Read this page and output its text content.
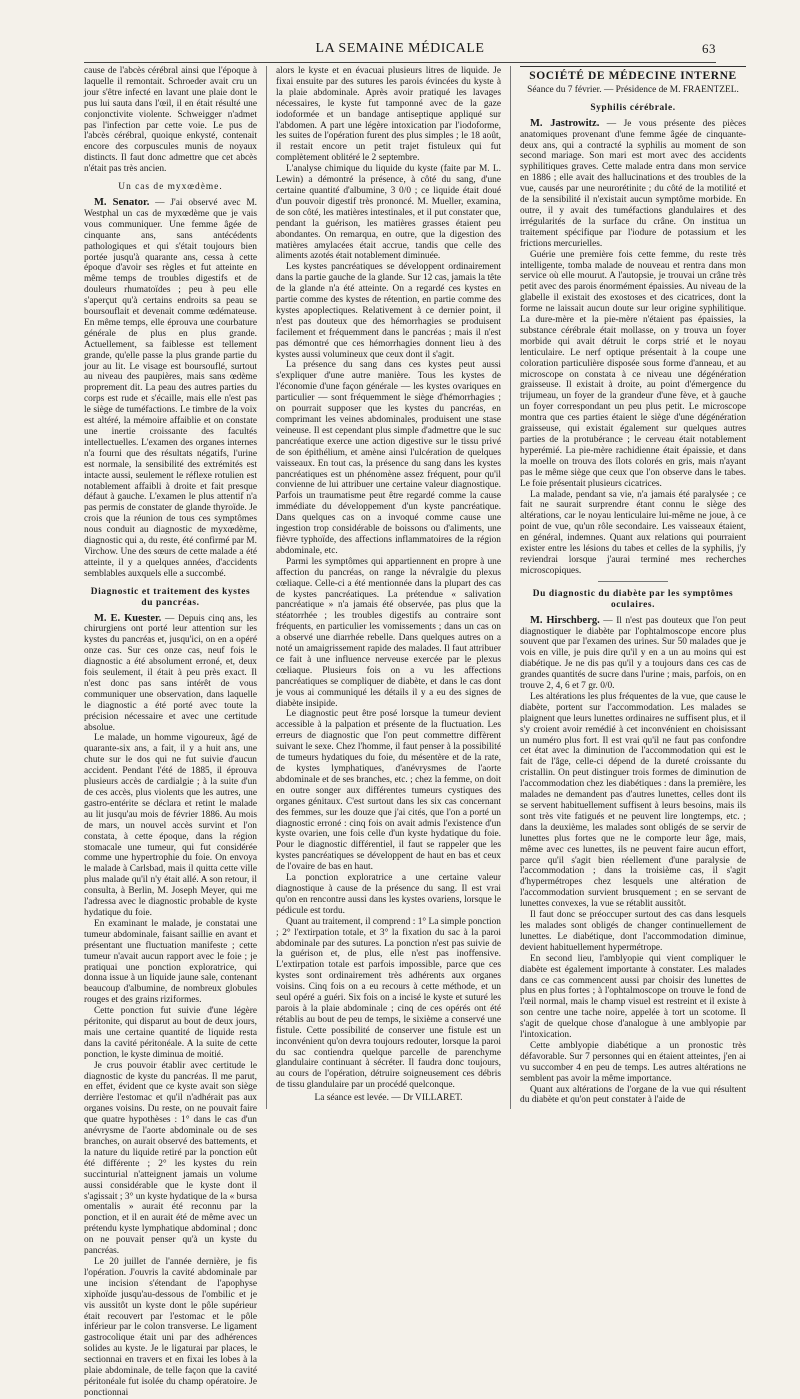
LA SEMAINE MÉDICALE	63

cause de l'abcès cérébral ainsi que l'époque à laquelle il remontait. Schroeder avait cru un jour s'être infecté en lavant une plaie dont le pus lui sauta dans l'œil, il en était résulté une conjonctivite violente. Schweigger n'admet pas l'infection par cette voie. Le pus de l'abcès cérébral, quoique enkysté, contenait encore des corpuscules munis de noyaux distincts. Il faut donc admettre que cet abcès n'était pas très ancien.

Un cas de myxœdème.

M. Senator. — J'ai observé avec M. Westphal un cas de myxœdème que je vais vous communiquer. Une femme âgée de cinquante ans, sans antécédents pathologiques et qui s'était toujours bien portée jusqu'à quarante ans, cessa à cette époque d'avoir ses règles et fut atteinte en même temps de troubles digestifs et de douleurs rhumatoïdes ; peu à peu elle s'aperçut qu'à certains endroits sa peau se boursouflait et devenait comme œdémateuse. En même temps, elle éprouva une courbature générale de plus en plus grande. Actuellement, sa faiblesse est tellement grande, qu'elle passe la plus grande partie du jour au lit. Le visage est boursouflé, surtout au niveau des paupières, mais sans œdème proprement dit. La peau des autres parties du corps est rude et s'écaille, mais elle n'est pas le siège de tuméfactions. Le timbre de la voix est altéré, la mémoire affaiblie et on constate une inertie croissante des facultés intellectuelles. L'examen des organes internes n'a fourni que des résultats négatifs, l'urine est normale, la sensibilité des extrémités est intacte aussi, seulement le réflexe rotulien est notablement affaibli à droite et fait presque défaut à gauche. L'examen le plus attentif n'a pas permis de constater de glande thyroïde. Je crois que la réunion de tous ces symptômes nous conduit au diagnostic de myxœdème, diagnostic qui a, du reste, été confirmé par M. Virchow. Une des sœurs de cette malade a été atteinte, il y a quelques années, d'accidents semblables auxquels elle a succombé.

Diagnostic et traitement des kystes du pancréas.

M. E. Kuester. — Depuis cinq ans, les chirurgiens ont porté leur attention sur les kystes du pancréas et, jusqu'ici, on en a opéré onze cas. Sur ces onze cas, neuf fois le diagnostic a été absolument erroné, et, deux fois seulement, il était à peu près exact. Il n'est donc pas sans intérêt de vous communiquer une observation, dans laquelle le diagnostic a été porté avec toute la précision nécessaire et avec une certitude absolue.

Le malade, un homme vigoureux, âgé de quarante-six ans, a fait, il y a huit ans, une chute sur le dos qui ne fut suivie d'aucun accident. Pendant l'été de 1885, il éprouva plusieurs accès de cardialgie ; à la suite d'un de ces accès, plus violents que les autres, une gastro-entérite se déclara et retint le malade au lit jusqu'au mois de février 1886. Au mois de mars, un nouvel accès survint et l'on constata, à cette époque, dans la région stomacale une tumeur, qui fut considérée comme une hypertrophie du foie. On envoya le malade à Carlsbad, mais il quitta cette ville plus malade qu'il n'y était allé. A son retour, il consulta, à Berlin, M. Joseph Meyer, qui me l'adressa avec le diagnostic probable de kyste hydatique du foie.

En examinant le malade, je constatai une tumeur abdominale, faisant saillie en avant et présentant une fluctuation manifeste ; cette tumeur n'avait aucun rapport avec le foie ; je pratiquai une ponction exploratrice, qui donna issue à un liquide jaune sale, contenant beaucoup d'albumine, de nombreux globules rouges et des grains riziformes.

Cette ponction fut suivie d'une légère péritonite, qui disparut au bout de deux jours, mais une certaine quantité de liquide resta dans la cavité péritonéale. A la suite de cette ponction, le kyste diminua de moitié.

Je crus pouvoir établir avec certitude le diagnostic de kyste du pancréas. Il me parut, en effet, évident que ce kyste avait son siège derrière l'estomac et qu'il n'adhérait pas aux organes voisins. Du reste, on ne pouvait faire que quatre hypothèses : 1° dans le cas d'un anévrysme de l'aorte abdominale ou de ses branches, on aurait observé des battements, et la nature du liquide retiré par la ponction eût été différente ; 2° les kystes du rein succinturial n'atteignent jamais un volume aussi considérable que le kyste dont il s'agissait ; 3° un kyste hydatique de la « bursa omentalis » aurait été reconnu par la ponction, et il en aurait été de même avec un prétendu kyste lymphatique abdominal ; donc on ne pouvait penser qu'à un kyste du pancréas.

Le 20 juillet de l'année dernière, je fis l'opération. J'ouvris la cavité abdominale par une incision s'étendant de l'apophyse xiphoïde jusqu'au-dessous de l'ombilic et je vis aussitôt un kyste dont le pôle supérieur était recouvert par l'estomac et le pôle inférieur par le colon transverse. Le ligament gastrocolique était uni par des adhérences solides au kyste. Je le ligaturai par places, le sectionnai en travers et en fixai les lobes à la plaie abdominale, de telle façon que la cavité péritonéale fut isolée du champ opératoire. Je ponctionnai

alors le kyste et en évacuai plusieurs litres de liquide. Je fixai ensuite par des sutures les parois évincées du kyste à la plaie abdominale. Après avoir pratiqué les lavages nécessaires, le kyste fut tamponné avec de la gaze iodoformée et un bandage antiseptique appliqué sur l'abdomen. A part une légère intoxication par l'iodoforme, les suites de l'opération furent des plus simples ; le 18 août, il restait encore un petit trajet fistuleux qui fut complètement oblitéré le 2 septembre.

L'analyse chimique du liquide du kyste (faite par M. L. Lewin) a démontré la présence, à côté du sang, d'une certaine quantité d'albumine, 3 0/0 ; ce liquide était doué d'un pouvoir digestif très prononcé. M. Mueller, examina, de son côté, les matières intestinales, et il put constater que, pendant la guérison, les matières grasses étaient peu abondantes. On remarqua, en outre, que la digestion des matières amylacées était accrue, tandis que celle des aliments azotés était notablement diminuée.

Les kystes pancréatiques se développent ordinairement dans la partie gauche de la glande. Sur 12 cas, jamais la tête de la glande n'a été atteinte. On a regardé ces kystes en partie comme des kystes de rétention, en partie comme des kystes apoplectiques. Relativement à ce dernier point, il n'est pas douteux que des hémorrhagies se produisent facilement et fréquemment dans le pancréas ; mais il n'est pas démontré que ces hémorrhagies donnent lieu à des kystes aussi volumineux que ceux dont il s'agit.

La présence du sang dans ces kystes peut aussi s'expliquer d'une autre manière. Tous les kystes de l'économie d'une façon générale — les kystes ovariques en particulier — sont fréquemment le siège d'hémorrhagies ; on pourrait supposer que les kystes du pancréas, en comprimant les veines abdominales, produisent une stase veineuse. Il est cependant plus simple d'admettre que le suc pancréatique exerce une action digestive sur le tissu privé de son épithélium, et amène ainsi l'ulcération de quelques vaisseaux. En tout cas, la présence du sang dans les kystes pancréatiques est un phénomène assez fréquent, pour qu'il convienne de lui attribuer une certaine valeur diagnostique. Parfois un traumatisme peut être regardé comme la cause immédiate du développement d'un kyste pancréatique. Dans quelques cas on a invoqué comme cause une ingestion trop considérable de boissons ou d'aliments, une fièvre typhoïde, des affections inflammatoires de la région abdominale, etc.

Parmi les symptômes qui appartiennent en propre à une affection du pancréas, on range la névralgie du plexus cœliaque. Celle-ci a été mentionnée dans la plupart des cas de kystes pancréatiques. La prétendue « salivation pancréatique » n'a jamais été observée, pas plus que la stéatorrhée ; les troubles digestifs au contraire sont fréquents, en particulier les vomissements ; dans un cas on a observé une diarrhée rebelle. Dans quelques autres on a noté un amaigrissement rapide des malades. Il faut attribuer ce fait à une influence nerveuse exercée par le plexus cœliaque. Plusieurs fois on a vu les affections pancréatiques se compliquer de diabète, et dans le cas dont je vous ai communiqué les détails il y a eu des signes de diabète insipide.

Le diagnostic peut être posé lorsque la tumeur devient accessible à la palpation et présente de la fluctuation. Les erreurs de diagnostic que l'on peut commettre diffèrent suivant le sexe. Chez l'homme, il faut penser à la possibilité de tumeurs hydatiques du foie, du mésentère et de la rate, de kystes lymphatiques, d'anévrysmes de l'aorte abdominale et de ses branches, etc. ; chez la femme, on doit en outre songer aux différentes tumeurs cystiques des organes génitaux. C'est surtout dans les six cas concernant des femmes, sur les douze que j'ai cités, que l'on a porté un diagnostic erroné : cinq fois on avait admis l'existence d'un kyste ovarien, une fois celle d'un kyste hydatique du foie. Pour le diagnostic différentiel, il faut se rappeler que les kystes pancréatiques se développent de haut en bas et ceux de l'ovaire de bas en haut.

La ponction exploratrice a une certaine valeur diagnostique à cause de la présence du sang. Il est vrai qu'on en rencontre aussi dans les kystes ovariens, lorsque le pédicule est tordu.

Quant au traitement, il comprend : 1° La simple ponction ; 2° l'extirpation totale, et 3° la fixation du sac à la paroi abdominale par des sutures. La ponction n'est pas suivie de la guérison et, de plus, elle n'est pas inoffensive. L'extirpation totale est parfois impossible, parce que ces kystes sont ordinairement très adhérents aux organes voisins. Cinq fois on a eu recours à cette méthode, et un seul opéré a guéri. Six fois on a incisé le kyste et suturé les parois à la plaie abdominale ; cinq de ces opérés ont été rétablis au bout de peu de temps, le sixième a conservé une fistule. Cette possibilité de conserver une fistule est un inconvénient qu'on devra toujours redouter, lorsque la paroi du sac contiendra quelque parcelle de parenchyme glandulaire continuant à sécréter. Il faudra donc toujours, au cours de l'opération, détruire soigneusement ces débris de tissu glandulaire par un procédé quelconque.

La séance est levée. — Dr VILLARET.

SOCIÉTÉ DE MÉDECINE INTERNE

Séance du 7 février. — Présidence de M. FRAENTZEL.

Syphilis cérébrale.

M. Jastrowitz. — Je vous présente des pièces anatomiques provenant d'une femme âgée de cinquante-deux ans, qui a contracté la syphilis au moment de son second mariage. Son mari est mort avec des accidents syphilitiques graves. Cette malade entra dans mon service en 1886 ; elle avait des hallucinations et des troubles de la vue, causés par une neurorétinite ; du côté de la motilité et de la sensibilité il n'existait aucun symptôme morbide. En outre, il y avait des tuméfactions glandulaires et des irrégularités de la surface du crâne. On institua un traitement spécifique par l'iodure de potassium et les frictions mercurielles.

Guérie une première fois cette femme, du reste très intelligente, tomba malade de nouveau et rentra dans mon service où elle mourut. A l'autopsie, je trouvai un crâne très petit avec des parois énormément épaissies. Au niveau de la glabelle il existait des exostoses et des cicatrices, dont la forme ne laissait aucun doute sur leur origine syphilitique. La dure-mère et la pie-mère n'étaient pas épaissies, la substance cérébrale était mollasse, on y trouva un foyer morbide qui avait détruit le corps strié et le noyau lenticulaire. Le nerf optique présentait à la coupe une coloration particulière disposée sous forme d'anneau, et au microscope on constata à ce niveau une dégénération graisseuse. Il existait à droite, au point d'émergence du trijumeau, un foyer de la grandeur d'une fève, et à gauche un foyer correspondant un peu plus petit. Le microscope montra que ces parties étaient le siège d'une dégénération graisseuse, qui existait également sur quelques autres parties de la protubérance ; le cerveau était notablement hyperémié. La pie-mère rachidienne était épaissie, et dans la moelle on trouva des îlots colorés en gris, mais n'ayant pas le même siège que ceux que l'on observe dans le tabes. Le foie présentait plusieurs cicatrices.

La malade, pendant sa vie, n'a jamais été paralysée ; ce fait ne saurait surprendre étant connu le siège des altérations, car le noyau lenticulaire lui-même ne joue, à ce point de vue, qu'un rôle secondaire. Les vaisseaux étaient, en général, indemnes. Quant aux relations qui pourraient exister entre les lésions du tabes et celles de la syphilis, j'y reviendrai lorsque j'aurai terminé mes recherches microscopiques.

Du diagnostic du diabète par les symptômes oculaires.

M. Hirschberg. — Il n'est pas douteux que l'on peut diagnostiquer le diabète par l'ophtalmoscope encore plus souvent que par l'examen des urines. Sur 50 malades que je vois en ville, je puis dire qu'il y en a un au moins qui est diabétique. Je ne dis pas qu'il y a toujours dans ces cas de grandes quantités de sucre dans l'urine ; mais, parfois, on en trouve 2, 4, 6 et 7 gr. 0/0.

Les altérations les plus fréquentes de la vue, que cause le diabète, portent sur l'accommodation. Les malades se plaignent que leurs lunettes ordinaires ne suffisent plus, et il s'y croient avoir remédié à cet inconvénient en choisissant un numéro plus fort. Il est vrai qu'il ne faut pas confondre cet état avec la diminution de l'accommodation qui est le fait de l'âge, celle-ci dépend de la dureté croissante du cristallin. On peut distinguer trois formes de diminution de l'accommodation chez les diabétiques : dans la première, les malades ne demandent pas d'autres lunettes, celles dont ils se servent habituellement suffisent à leurs besoins, mais ils sont très vite fatigués et ne peuvent lire longtemps, etc. ; dans la deuxième, les malades sont obligés de se servir de lunettes plus fortes que ne le comporte leur âge, mais, même avec ces lunettes, ils ne peuvent faire aucun effort, parce qu'il s'agit bien réellement d'une paralysie de l'accommodation ; dans la troisième cas, il s'agit d'hypermétropes chez lesquels une altération de l'accommodation survient brusquement ; en se servant de lunettes convexes, la vue se rétablit aussitôt.

Il faut donc se préoccuper surtout des cas dans lesquels les malades sont obligés de changer continuellement de lunettes. Le diabétique, dont l'accommodation diminue, devient habituellement hypermétrope.

En second lieu, l'amblyopie qui vient compliquer le diabète est également importante à constater. Les malades dans ce cas commencent aussi par choisir des lunettes de plus en plus fortes ; à l'ophtalmoscope on trouve le fond de l'œil normal, mais le champ visuel est restreint et il existe à son centre une tache noire, appelée à tort un scotome. Il s'agit de quelque chose d'analogue à une amblyopie par l'intoxication.

Cette amblyopie diabétique a un pronostic très défavorable. Sur 7 personnes qui en étaient atteintes, j'en ai vu succomber 4 en peu de temps. Les autres altérations ne semblent pas avoir la même importance.

Quant aux altérations de l'organe de la vue qui résultent du diabète et qu'on peut constater à l'aide de
